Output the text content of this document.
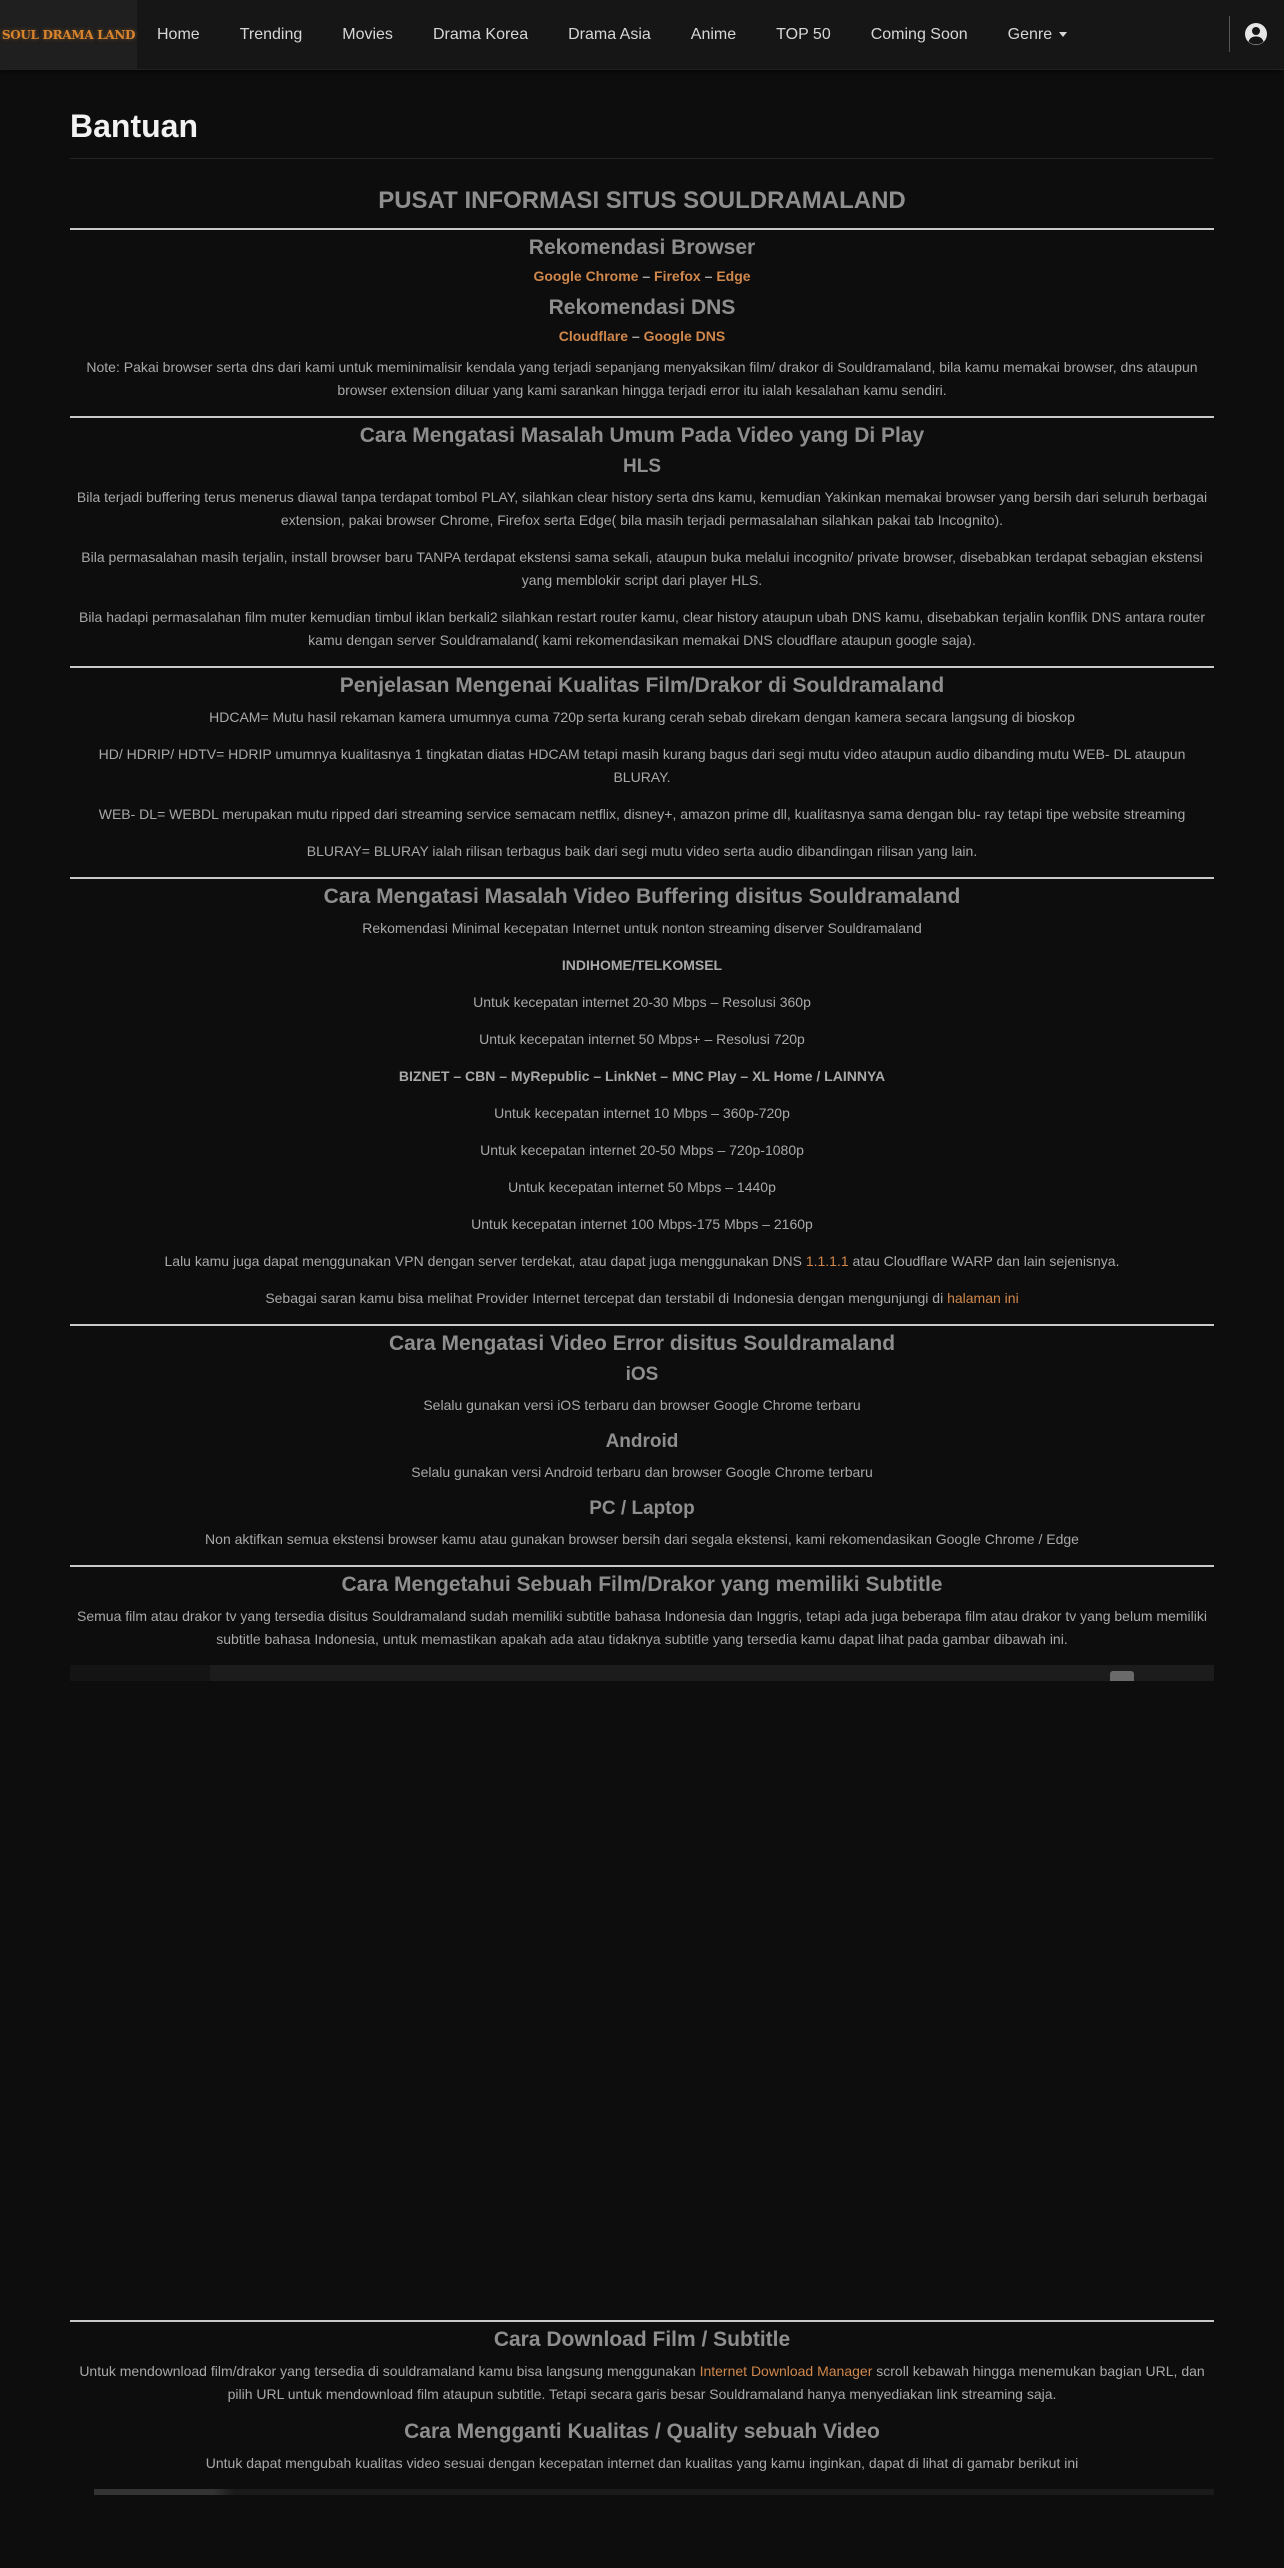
SOUL DRAMA LAND	Home	Trending	Movies	Drama Korea	Drama Asia	Anime	TOP 50	Coming Soon	Genre
Bantuan
PUSAT INFORMASI SITUS SOULDRAMALAND
Rekomendasi Browser
Google Chrome – Firefox – Edge
Rekomendasi DNS
Cloudflare – Google DNS

Note: Pakai browser serta dns dari kami untuk meminimalisir kendala yang terjadi sepanjang menyaksikan film/ drakor di Souldramaland, bila kamu memakai browser, dns ataupun browser extension diluar yang kami sarankan hingga terjadi error itu ialah kesalahan kamu sendiri.

Cara Mengatasi Masalah Umum Pada Video yang Di Play
HLS

Bila terjadi buffering terus menerus diawal tanpa terdapat tombol PLAY, silahkan clear history serta dns kamu, kemudian Yakinkan memakai browser yang bersih dari seluruh berbagai extension, pakai browser Chrome, Firefox serta Edge( bila masih terjadi permasalahan silahkan pakai tab Incognito).

Bila permasalahan masih terjalin, install browser baru TANPA terdapat ekstensi sama sekali, ataupun buka melalui incognito/ private browser, disebabkan terdapat sebagian ekstensi yang memblokir script dari player HLS.

Bila hadapi permasalahan film muter kemudian timbul iklan berkali2 silahkan restart router kamu, clear history ataupun ubah DNS kamu, disebabkan terjalin konflik DNS antara router kamu dengan server Souldramaland( kami rekomendasikan memakai DNS cloudflare ataupun google saja).

Penjelasan Mengenai Kualitas Film/Drakor di Souldramaland

HDCAM= Mutu hasil rekaman kamera umumnya cuma 720p serta kurang cerah sebab direkam dengan kamera secara langsung di bioskop

HD/ HDRIP/ HDTV= HDRIP umumnya kualitasnya 1 tingkatan diatas HDCAM tetapi masih kurang bagus dari segi mutu video ataupun audio dibanding mutu WEB- DL ataupun BLURAY.

WEB- DL= WEBDL merupakan mutu ripped dari streaming service semacam netflix, disney+, amazon prime dll, kualitasnya sama dengan blu- ray tetapi tipe website streaming

BLURAY= BLURAY ialah rilisan terbagus baik dari segi mutu video serta audio dibandingan rilisan yang lain.

Cara Mengatasi Masalah Video Buffering disitus Souldramaland

Rekomendasi Minimal kecepatan Internet untuk nonton streaming diserver Souldramaland

INDIHOME/TELKOMSEL

Untuk kecepatan internet 20-30 Mbps – Resolusi 360p

Untuk kecepatan internet 50 Mbps+ – Resolusi 720p

BIZNET – CBN – MyRepublic – LinkNet – MNC Play – XL Home / LAINNYA

Untuk kecepatan internet 10 Mbps – 360p-720p

Untuk kecepatan internet 20-50 Mbps – 720p-1080p

Untuk kecepatan internet 50 Mbps – 1440p

Untuk kecepatan internet 100 Mbps-175 Mbps – 2160p

Lalu kamu juga dapat menggunakan VPN dengan server terdekat, atau dapat juga menggunakan DNS 1.1.1.1 atau Cloudflare WARP dan lain sejenisnya.

Sebagai saran kamu bisa melihat Provider Internet tercepat dan terstabil di Indonesia dengan mengunjungi di halaman ini

Cara Mengatasi Video Error disitus Souldramaland
iOS

Selalu gunakan versi iOS terbaru dan browser Google Chrome terbaru

Android

Selalu gunakan versi Android terbaru dan browser Google Chrome terbaru

PC / Laptop

Non aktifkan semua ekstensi browser kamu atau gunakan browser bersih dari segala ekstensi, kami rekomendasikan Google Chrome / Edge

Cara Mengetahui Sebuah Film/Drakor yang memiliki Subtitle

Semua film atau drakor tv yang tersedia disitus Souldramaland sudah memiliki subtitle bahasa Indonesia dan Inggris, tetapi ada juga beberapa film atau drakor tv yang belum memiliki subtitle bahasa Indonesia, untuk memastikan apakah ada atau tidaknya subtitle yang tersedia kamu dapat lihat pada gambar dibawah ini.

Cara Download Film / Subtitle

Untuk mendownload film/drakor yang tersedia di souldramaland kamu bisa langsung menggunakan Internet Download Manager scroll kebawah hingga menemukan bagian URL, dan pilih URL untuk mendownload film ataupun subtitle. Tetapi secara garis besar Souldramaland hanya menyediakan link streaming saja.

Cara Mengganti Kualitas / Quality sebuah Video

Untuk dapat mengubah kualitas video sesuai dengan kecepatan internet dan kualitas yang kamu inginkan, dapat di lihat di gamabr berikut ini
